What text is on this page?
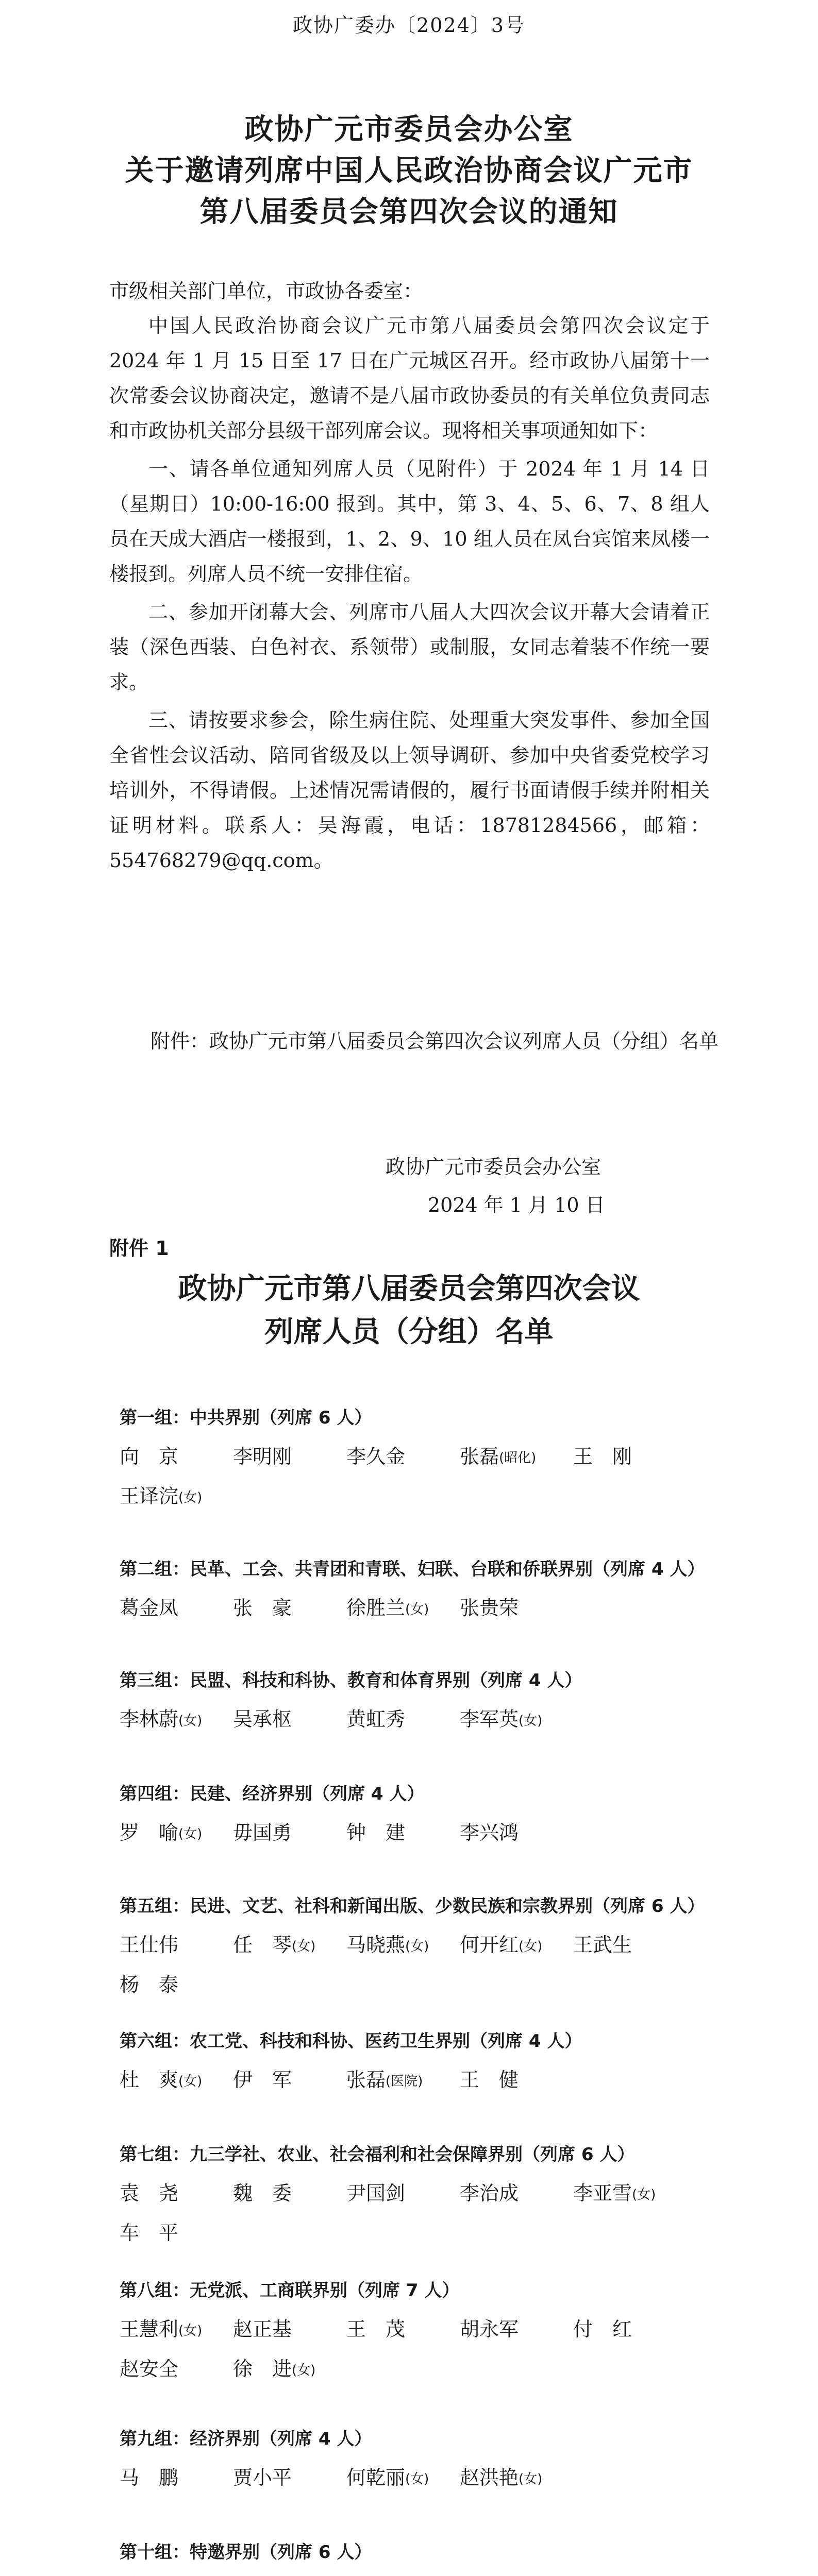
政协广委办〔2024〕3号
政协广元市委员会办公室
关于邀请列席中国人民政治协商会议广元市
第八届委员会第四次会议的通知

市级相关部门单位，市政协各委室：

中国人民政治协商会议广元市第八届委员会第四次会议定于 2024 年 1 月 15 日至 17 日在广元城区召开。经市政协八届第十一次常委会议协商决定，邀请不是八届市政协委员的有关单位负责同志和市政协机关部分县级干部列席会议。现将相关事项通知如下：

一、请各单位通知列席人员（见附件）于 2024 年 1 月 14 日（星期日）10:00-16:00 报到。其中，第 3、4、5、6、7、8 组人员在天成大酒店一楼报到，1、2、9、10 组人员在凤台宾馆来凤楼一楼报到。列席人员不统一安排住宿。

二、参加开闭幕大会、列席市八届人大四次会议开幕大会请着正装（深色西装、白色衬衣、系领带）或制服，女同志着装不作统一要求。

三、请按要求参会，除生病住院、处理重大突发事件、参加全国全省性会议活动、陪同省级及以上领导调研、参加中央省委党校学习培训外，不得请假。上述情况需请假的，履行书面请假手续并附相关证明材料。联系人：吴海霞，电话：18781284566，邮箱：554768279@qq.com。

附件：政协广元市第八届委员会第四次会议列席人员（分组）名单
政协广元市委员会办公室
2024 年 1 月 10 日
附件 1
政协广元市第八届委员会第四次会议
列席人员（分组）名单
第一组：中共界别（列席 6 人）
向　京	李明刚	李久金	张磊(昭化)	王　刚
王译浣(女)
第二组：民革、工会、共青团和青联、妇联、台联和侨联界别（列席 4 人）
葛金凤	张　豪	徐胜兰(女)	张贵荣
第三组：民盟、科技和科协、教育和体育界别（列席 4 人）
李林蔚(女)	吴承枢	黄虹秀	李军英(女)
第四组：民建、经济界别（列席 4 人）
罗　喻(女)	毋国勇	钟　建	李兴鸿
第五组：民进、文艺、社科和新闻出版、少数民族和宗教界别（列席 6 人）
王仕伟	任　琴(女)	马晓燕(女)	何开红(女)	王武生
杨　泰
第六组：农工党、科技和科协、医药卫生界别（列席 4 人）
杜　爽(女)	伊　军	张磊(医院)	王　健
第七组：九三学社、农业、社会福利和社会保障界别（列席 6 人）
袁　尧	魏　委	尹国剑	李治成	李亚雪(女)
车　平
第八组：无党派、工商联界别（列席 7 人）
王慧利(女)	赵正基	王　茂	胡永军	付　红
赵安全	徐　进(女)
第九组：经济界别（列席 4 人）
马　鹏	贾小平	何乾丽(女)	赵洪艳(女)
第十组：特邀界别（列席 6 人）
